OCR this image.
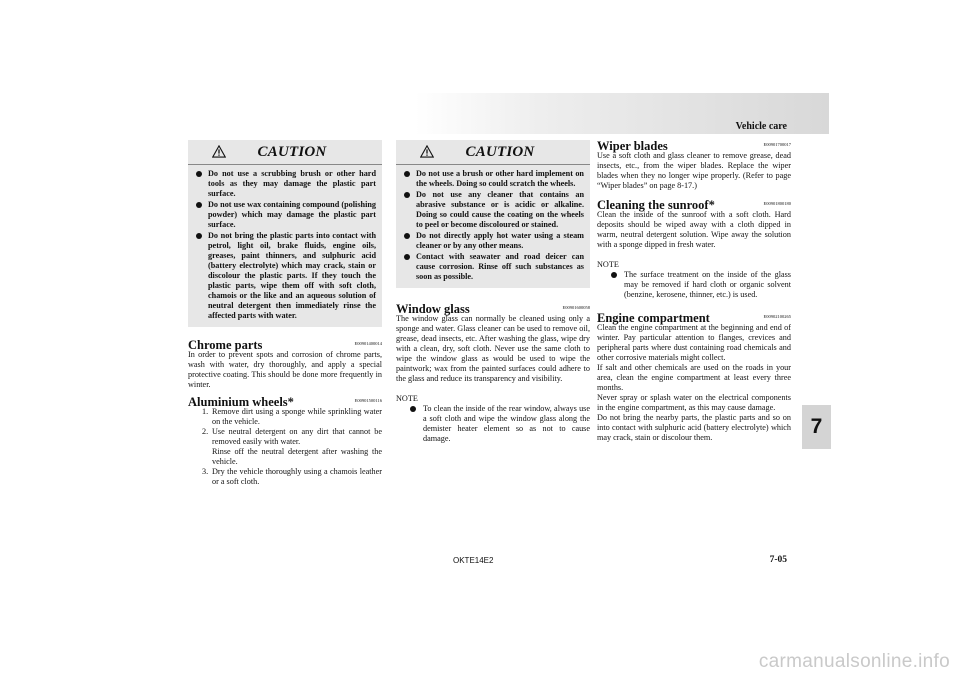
Vehicle care
7
CAUTION
Do not use a scrubbing brush or other hard tools as they may damage the plastic part surface.
Do not use wax containing compound (polishing powder) which may damage the plastic part surface.
Do not bring the plastic parts into contact with petrol, light oil, brake fluids, engine oils, greases, paint thinners, and sulphuric acid (battery electrolyte) which may crack, stain or discolour the plastic parts. If they touch the plastic parts, wipe them off with soft cloth, chamois or the like and an aqueous solution of neutral detergent then immediately rinse the affected parts with water.
Chrome parts	E00901400014

In order to prevent spots and corrosion of chrome parts, wash with water, dry thoroughly, and apply a special protective coating. This should be done more frequently in winter.

Aluminium wheels*	E00901500116
1. Remove dirt using a sponge while sprinkling water on the vehicle.
2. Use neutral detergent on any dirt that cannot be removed easily with water.
Rinse off the neutral detergent after washing the vehicle.
3. Dry the vehicle thoroughly using a chamois leather or a soft cloth.
CAUTION
Do not use a brush or other hard implement on the wheels. Doing so could scratch the wheels.
Do not use any cleaner that contains an abrasive substance or is acidic or alkaline. Doing so could cause the coating on the wheels to peel or become discoloured or stained.
Do not directly apply hot water using a steam cleaner or by any other means.
Contact with seawater and road deicer can cause corrosion. Rinse off such substances as soon as possible.
Window glass	E00901600058

The window glass can normally be cleaned using only a sponge and water. Glass cleaner can be used to remove oil, grease, dead insects, etc. After washing the glass, wipe dry with a clean, dry, soft cloth. Never use the same cloth to wipe the window glass as would be used to wipe the paintwork; wax from the painted surfaces could adhere to the glass and reduce its transparency and visibility.

NOTE
To clean the inside of the rear window, always use a soft cloth and wipe the window glass along the demister heater element so as not to cause damage.
Wiper blades	E00901700017

Use a soft cloth and glass cleaner to remove grease, dead insects, etc., from the wiper blades. Replace the wiper blades when they no longer wipe properly. (Refer to page “Wiper blades” on page 8-17.)

Cleaning the sunroof*	E00901800180

Clean the inside of the sunroof with a soft cloth. Hard deposits should be wiped away with a cloth dipped in warm, neutral detergent solution. Wipe away the solution with a sponge dipped in fresh water.

NOTE
The surface treatment on the inside of the glass may be removed if hard cloth or organic solvent (benzine, kerosene, thinner, etc.) is used.
Engine compartment	E00902100265

Clean the engine compartment at the beginning and end of winter. Pay particular attention to flanges, crevices and peripheral parts where dust containing road chemicals and other corrosive materials might collect.

If salt and other chemicals are used on the roads in your area, clean the engine compartment at least every three months.

Never spray or splash water on the electrical components in the engine compartment, as this may cause damage.

Do not bring the nearby parts, the plastic parts and so on into contact with sulphuric acid (battery electrolyte) which may crack, stain or discolour them.

OKTE14E2	7-05
carmanualsonline.info
